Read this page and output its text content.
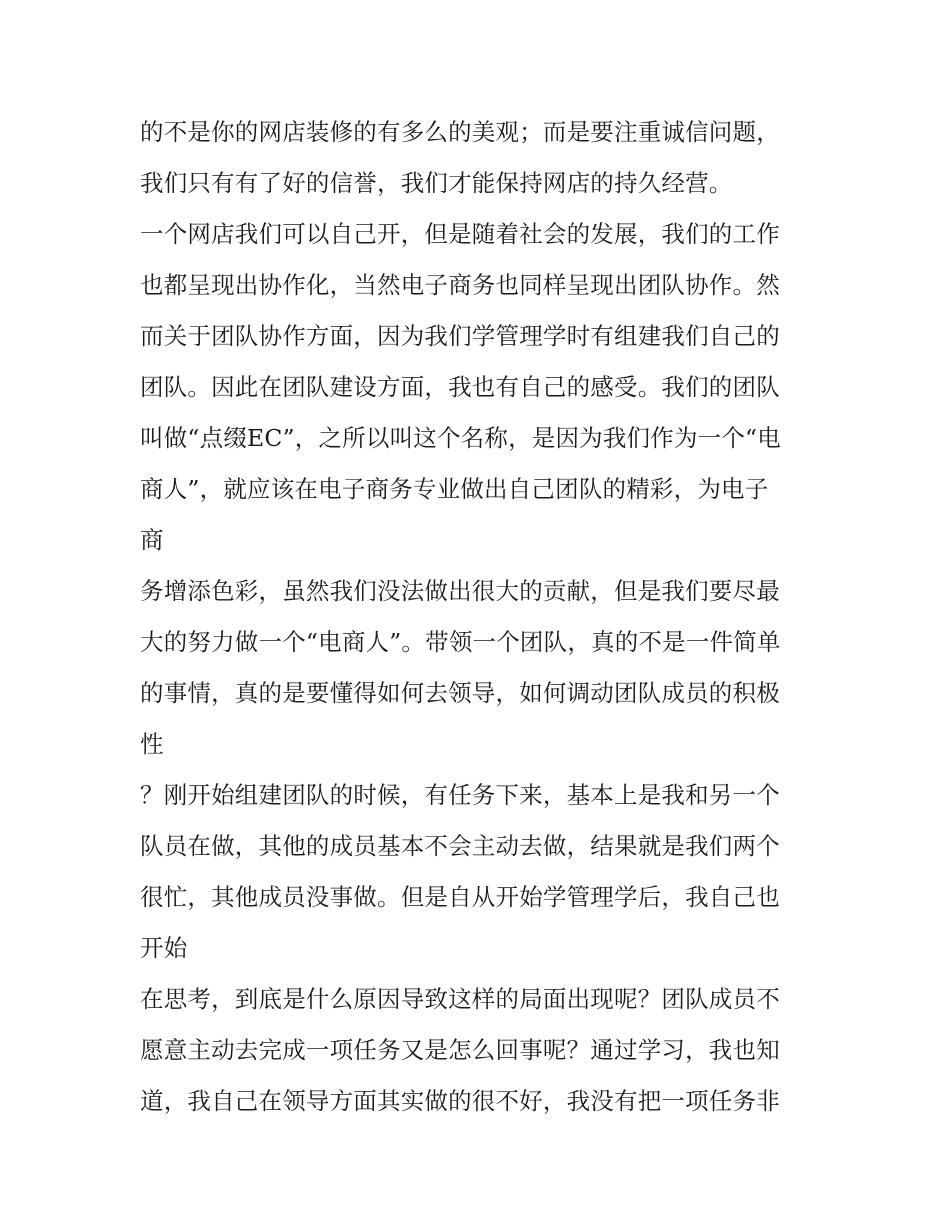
的不是你的网店装修的有多么的美观；而是要注重诚信问题，
我们只有有了好的信誉，我们才能保持网店的持久经营。
一个网店我们可以自己开，但是随着社会的发展，我们的工作
也都呈现出协作化，当然电子商务也同样呈现出团队协作。然
而关于团队协作方面，因为我们学管理学时有组建我们自己的
团队。因此在团队建设方面，我也有自己的感受。我们的团队
叫做“点缀EC”，之所以叫这个名称，是因为我们作为一个“电
商人”，就应该在电子商务专业做出自己团队的精彩，为电子
商
务增添色彩，虽然我们没法做出很大的贡献，但是我们要尽最
大的努力做一个“电商人”。带领一个团队，真的不是一件简单
的事情，真的是要懂得如何去领导，如何调动团队成员的积极
性
？刚开始组建团队的时候，有任务下来，基本上是我和另一个
队员在做，其他的成员基本不会主动去做，结果就是我们两个
很忙，其他成员没事做。但是自从开始学管理学后，我自己也
开始
在思考，到底是什么原因导致这样的局面出现呢？团队成员不
愿意主动去完成一项任务又是怎么回事呢？通过学习，我也知
道，我自己在领导方面其实做的很不好，我没有把一项任务非
